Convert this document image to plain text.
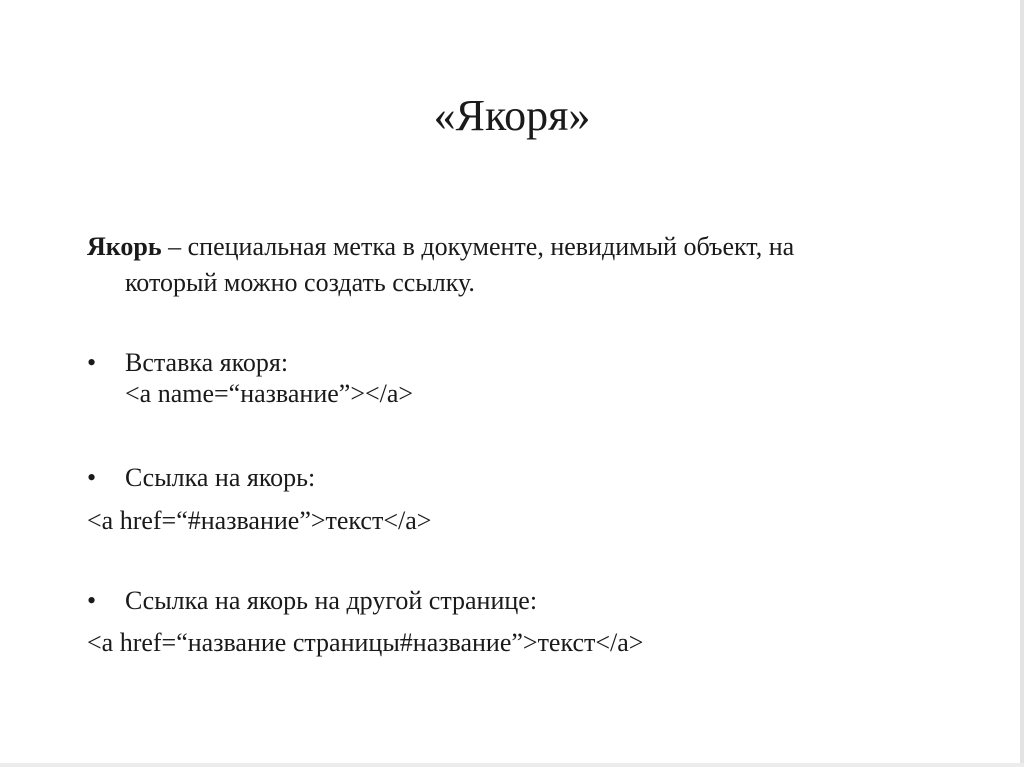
«Якоря»
Якорь – специальная метка в документе, невидимый объект, на
который можно создать ссылку.
• Вставка якоря:
<a name=“название”></a>
• Ссылка на якорь:
<a href=“#название”>текст</a>
• Ссылка на якорь на другой странице:
<a href=“название страницы#название”>текст</a>
